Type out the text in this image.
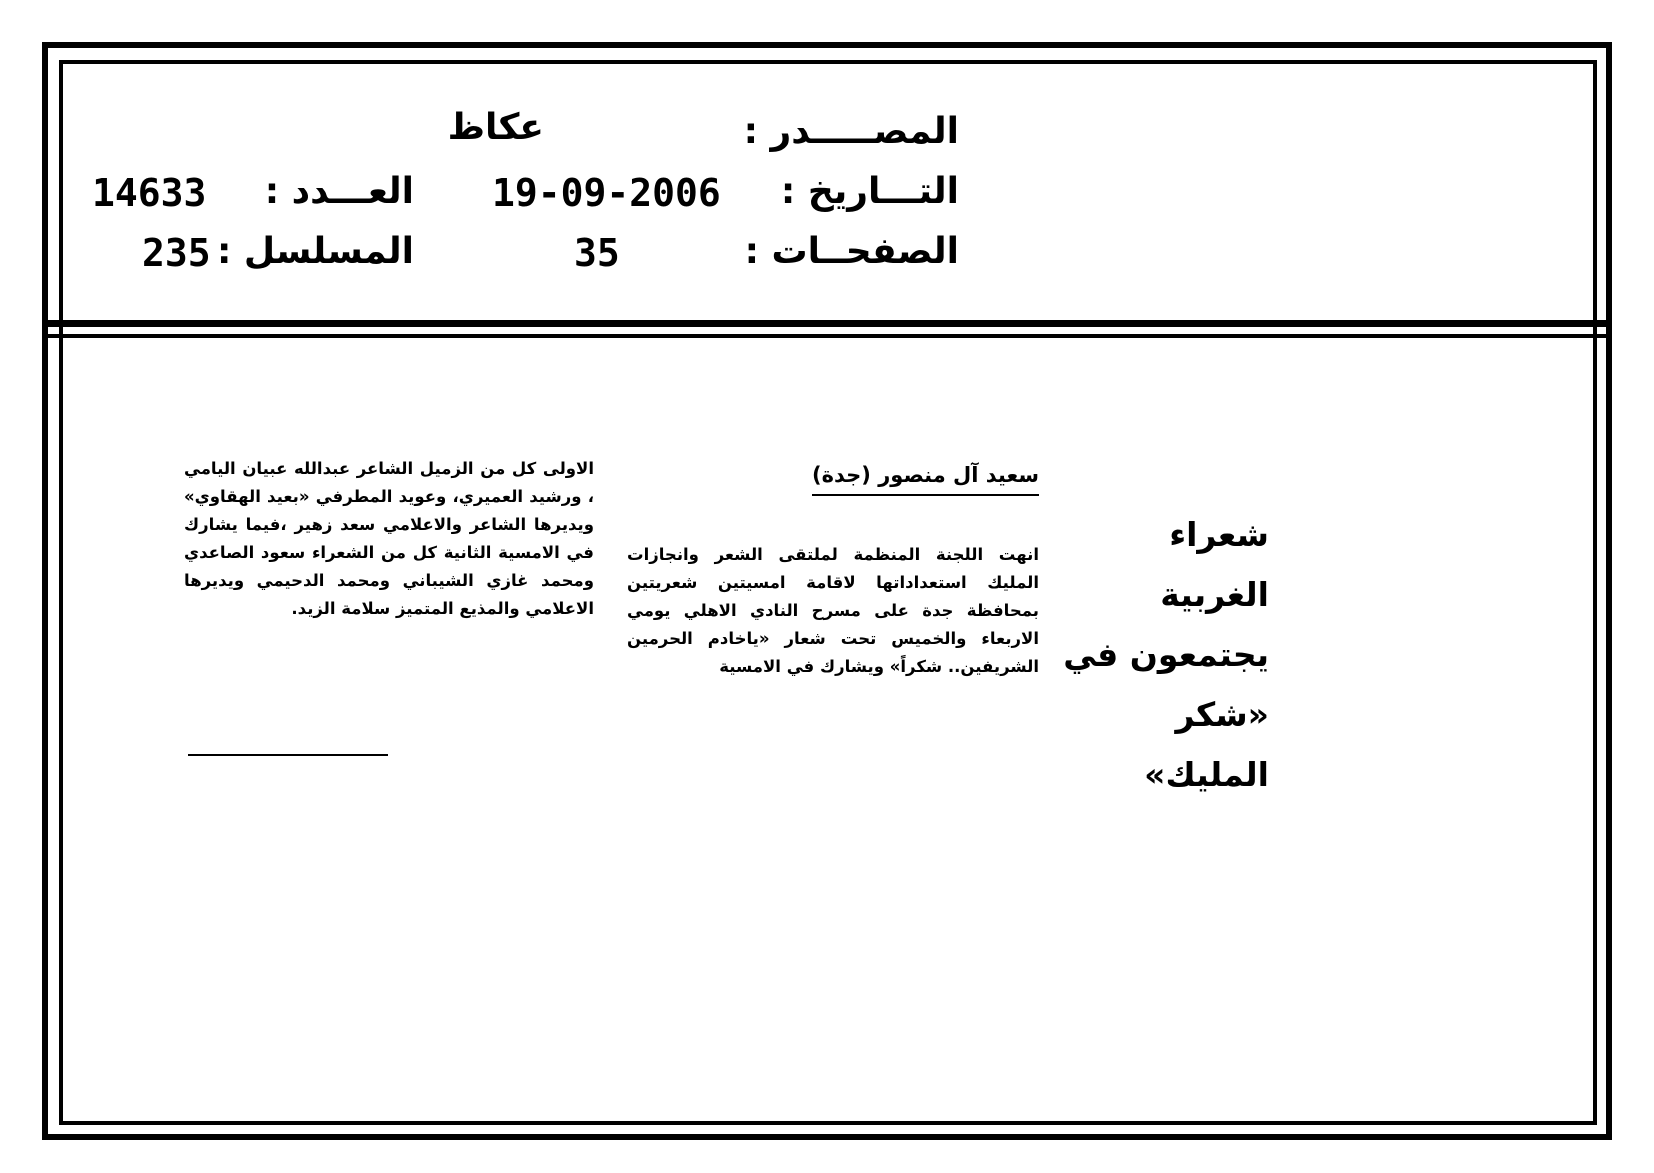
المصـــــدر :
عكاظ
التـــاريخ :
19-09-2006
العـــدد :
14633
الصفحــات :
35
المسلسل :
235
شعراء الغربية يجتمعون في «شكر المليك»
سعيد آل منصور (جدة)
انهت اللجنة المنظمة لملتقى الشعر وانجازات المليك استعداداتها لاقامة امسيتين شعريتين بمحافظة جدة على مسرح النادي الاهلي يومي الاربعاء والخميس تحت شعار «ياخادم الحرمين الشريفين.. شكراً» ويشارك في الامسية
الاولى كل من الزميل الشاعر عبدالله عبيان اليامي ، ورشيد العميري، وعويد المطرفي «بعيد الهقاوي» ويديرها الشاعر والاعلامي سعد زهير ،فيما يشارك في الامسية الثانية كل من الشعراء سعود الصاعدي ومحمد غازي الشيباني ومحمد الدحيمي ويديرها الاعلامي والمذيع المتميز سلامة الزيد.
